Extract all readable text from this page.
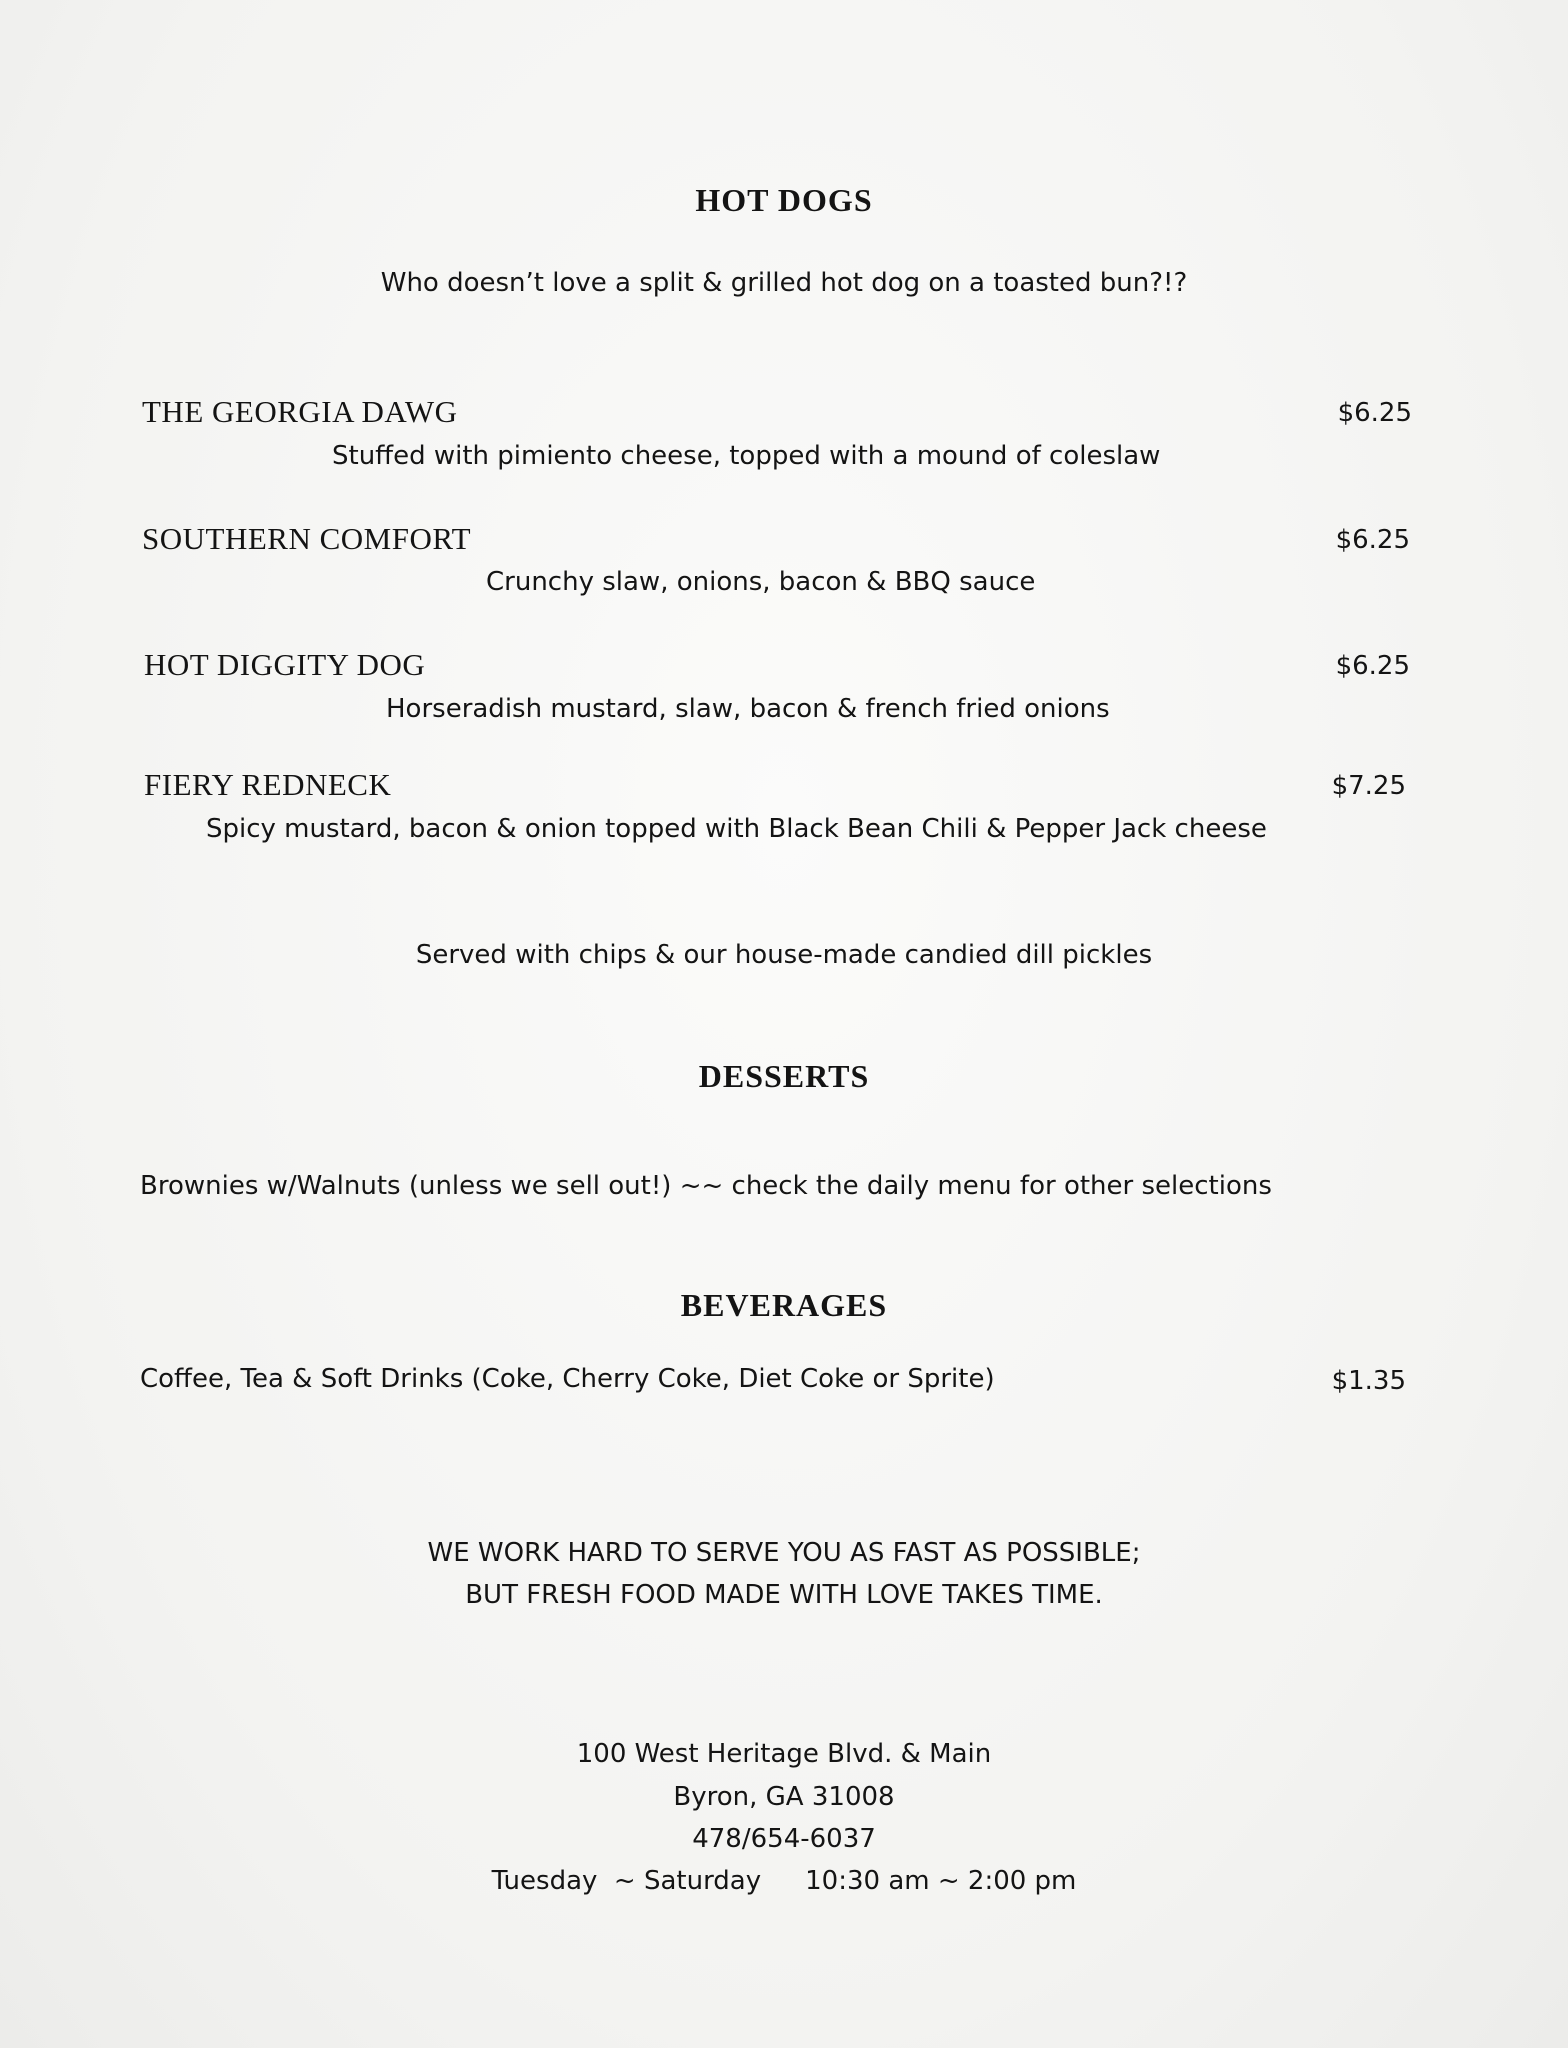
HOT DOGS
Who doesn’t love a split & grilled hot dog on a toasted bun?!?
THE GEORGIA DAWG	$6.25
Stuffed with pimiento cheese, topped with a mound of coleslaw
SOUTHERN COMFORT	$6.25
Crunchy slaw, onions, bacon & BBQ sauce
HOT DIGGITY DOG	$6.25
Horseradish mustard, slaw, bacon & french fried onions
FIERY REDNECK	$7.25
Spicy mustard, bacon & onion topped with Black Bean Chili & Pepper Jack cheese
Served with chips & our house-made candied dill pickles
DESSERTS
Brownies w/Walnuts (unless we sell out!) ~~ check the daily menu for other selections
BEVERAGES
Coffee, Tea & Soft Drinks (Coke, Cherry Coke, Diet Coke or Sprite)	$1.35
WE WORK HARD TO SERVE YOU AS FAST AS POSSIBLE;
BUT FRESH FOOD MADE WITH LOVE TAKES TIME.
100 West Heritage Blvd. & Main
Byron, GA 31008
478/654-6037
Tuesday  ~ Saturday 10:30 am ~ 2:00 pm
